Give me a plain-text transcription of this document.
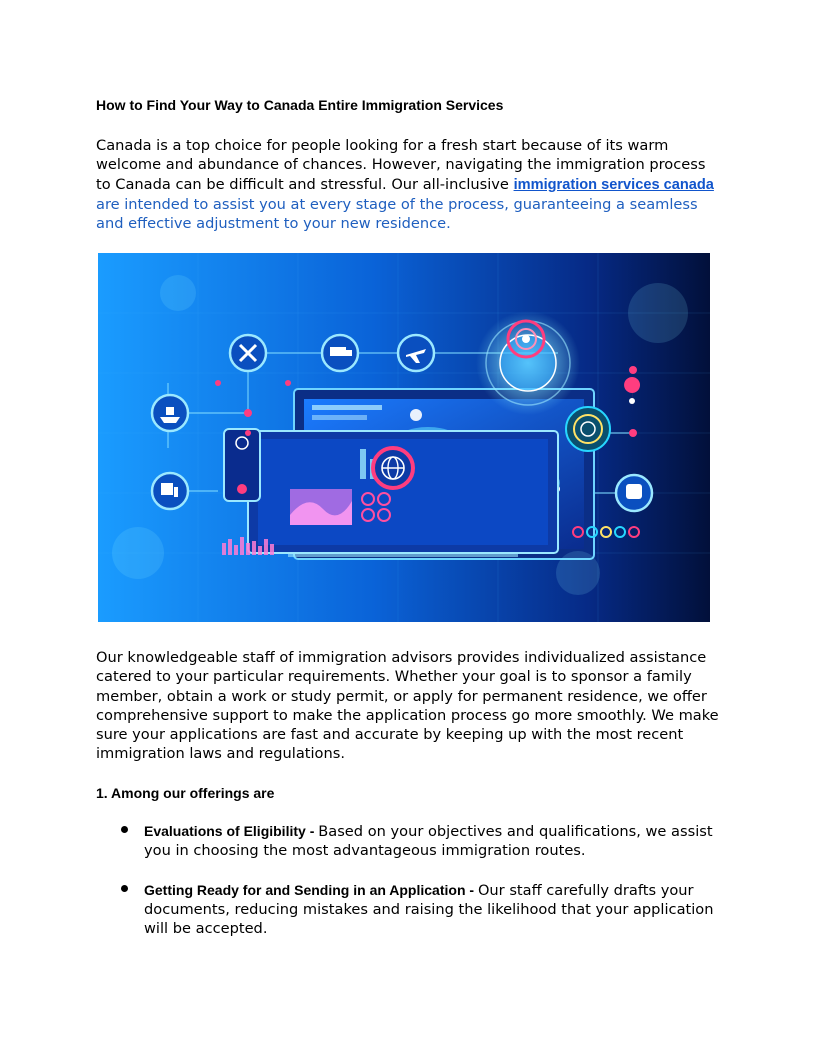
How to Find Your Way to Canada Entire Immigration Services

Canada is a top choice for people looking for a fresh start because of its warm welcome and abundance of chances. However, navigating the immigration process to Canada can be difficult and stressful. Our all-inclusive immigration services canada are intended to assist you at every stage of the process, guaranteeing a seamless and effective adjustment to your new residence.

Our knowledgeable staff of immigration advisors provides individualized assistance catered to your particular requirements. Whether your goal is to sponsor a family member, obtain a work or study permit, or apply for permanent residence, we offer comprehensive support to make the application process go more smoothly. We make sure your applications are fast and accurate by keeping up with the most recent immigration laws and regulations.

1. Among our offerings are
Evaluations of Eligibility - Based on your objectives and qualifications, we assist you in choosing the most advantageous immigration routes.
Getting Ready for and Sending in an Application - Our staff carefully drafts your documents, reducing mistakes and raising the likelihood that your application will be accepted.
